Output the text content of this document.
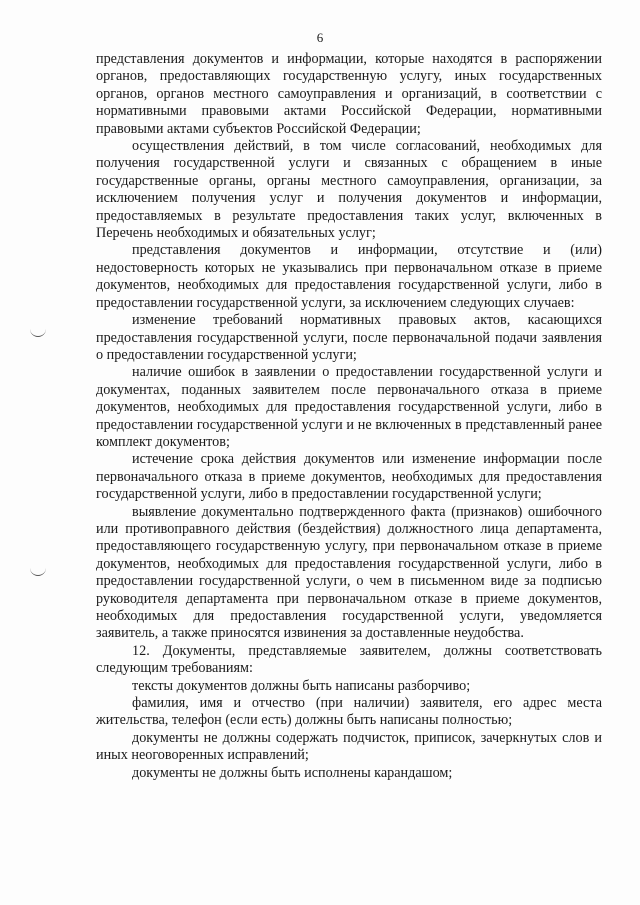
6

представления документов и информации, которые находятся в распоряжении органов, предоставляющих государственную услугу, иных государственных органов, органов местного самоуправления и организаций, в соответствии с нормативными правовыми актами Российской Федерации, нормативными правовыми актами субъектов Российской Федерации;

осуществления действий, в том числе согласований, необходимых для получения государственной услуги и связанных с обращением в иные государственные органы, органы местного самоуправления, организации, за исключением получения услуг и получения документов и информации, предоставляемых в результате предоставления таких услуг, включенных в Перечень необходимых и обязательных услуг;

представления документов и информации, отсутствие и (или) недостоверность которых не указывались при первоначальном отказе в приеме документов, необходимых для предоставления государственной услуги, либо в предоставлении государственной услуги, за исключением следующих случаев:

изменение требований нормативных правовых актов, касающихся предоставления государственной услуги, после первоначальной подачи заявления о предоставлении государственной услуги;

наличие ошибок в заявлении о предоставлении государственной услуги и документах, поданных заявителем после первоначального отказа в приеме документов, необходимых для предоставления государственной услуги, либо в предоставлении государственной услуги и не включенных в представленный ранее комплект документов;

истечение срока действия документов или изменение информации после первоначального отказа в приеме документов, необходимых для предоставления государственной услуги, либо в предоставлении государственной услуги;

выявление документально подтвержденного факта (признаков) ошибочного или противоправного действия (бездействия) должностного лица департамента, предоставляющего государственную услугу, при первоначальном отказе в приеме документов, необходимых для предоставления государственной услуги, либо в предоставлении государственной услуги, о чем в письменном виде за подписью руководителя департамента при первоначальном отказе в приеме документов, необходимых для предоставления государственной услуги, уведомляется заявитель, а также приносятся извинения за доставленные неудобства.

12. Документы, представляемые заявителем, должны соответствовать следующим требованиям:

тексты документов должны быть написаны разборчиво;

фамилия, имя и отчество (при наличии) заявителя, его адрес места жительства, телефон (если есть) должны быть написаны полностью;

документы не должны содержать подчисток, приписок, зачеркнутых слов и иных неоговоренных исправлений;

документы не должны быть исполнены карандашом;
